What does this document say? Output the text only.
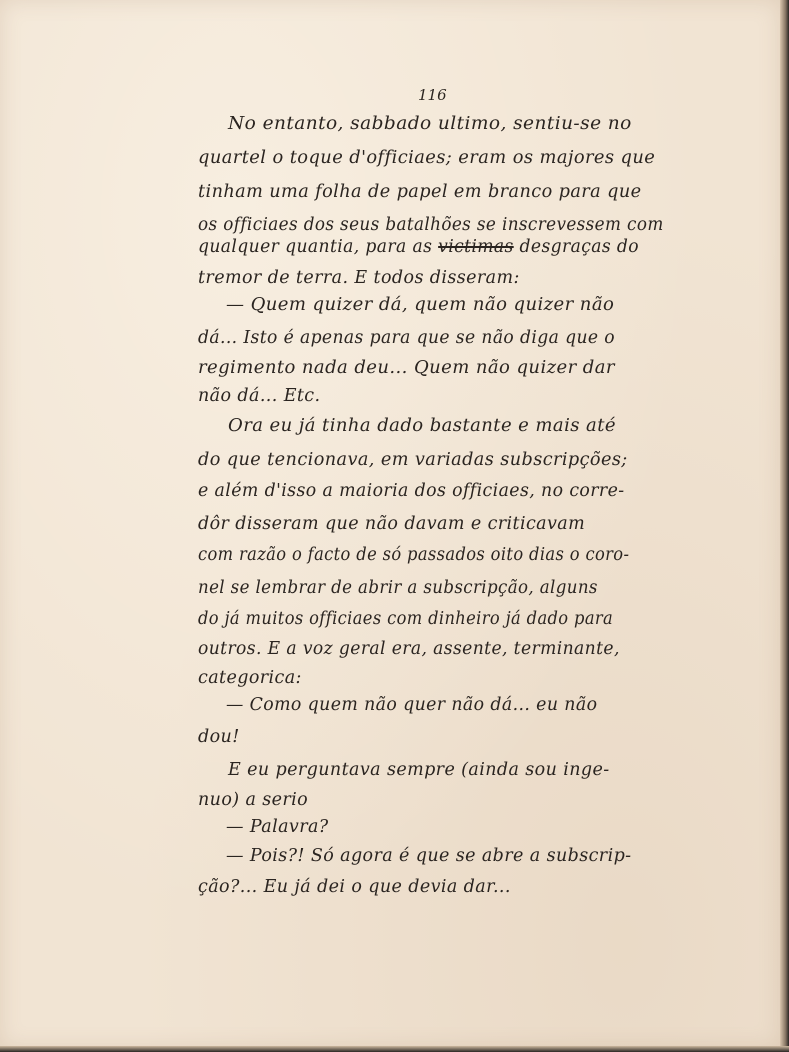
116

No entanto, sabbado ultimo, sentiu-se no

quartel o toque d'officiaes; eram os majores que

tinham uma folha de papel em branco para que

os officiaes dos seus batalhões se inscrevessem com

qualquer quantia, para as victimas desgraças do

tremor de terra. E todos disseram:

— Quem quizer dá, quem não quizer não

dá... Isto é apenas para que se não diga que o

regimento nada deu... Quem não quizer dar

não dá... Etc.

Ora eu já tinha dado bastante e mais até

do que tencionava, em variadas subscripções;

e além d'isso a maioria dos officiaes, no corre-

dôr disseram que não davam e criticavam

com razão o facto de só passados oito dias o coro-

nel se lembrar de abrir a subscripção, alguns

do já muitos officiaes com dinheiro já dado para

outros. E a voz geral era, assente, terminante,

categorica:

— Como quem não quer não dá... eu não

dou!

E eu perguntava sempre (ainda sou inge-

nuo) a serio

— Palavra?

— Pois?! Só agora é que se abre a subscrip-

ção?... Eu já dei o que devia dar...
